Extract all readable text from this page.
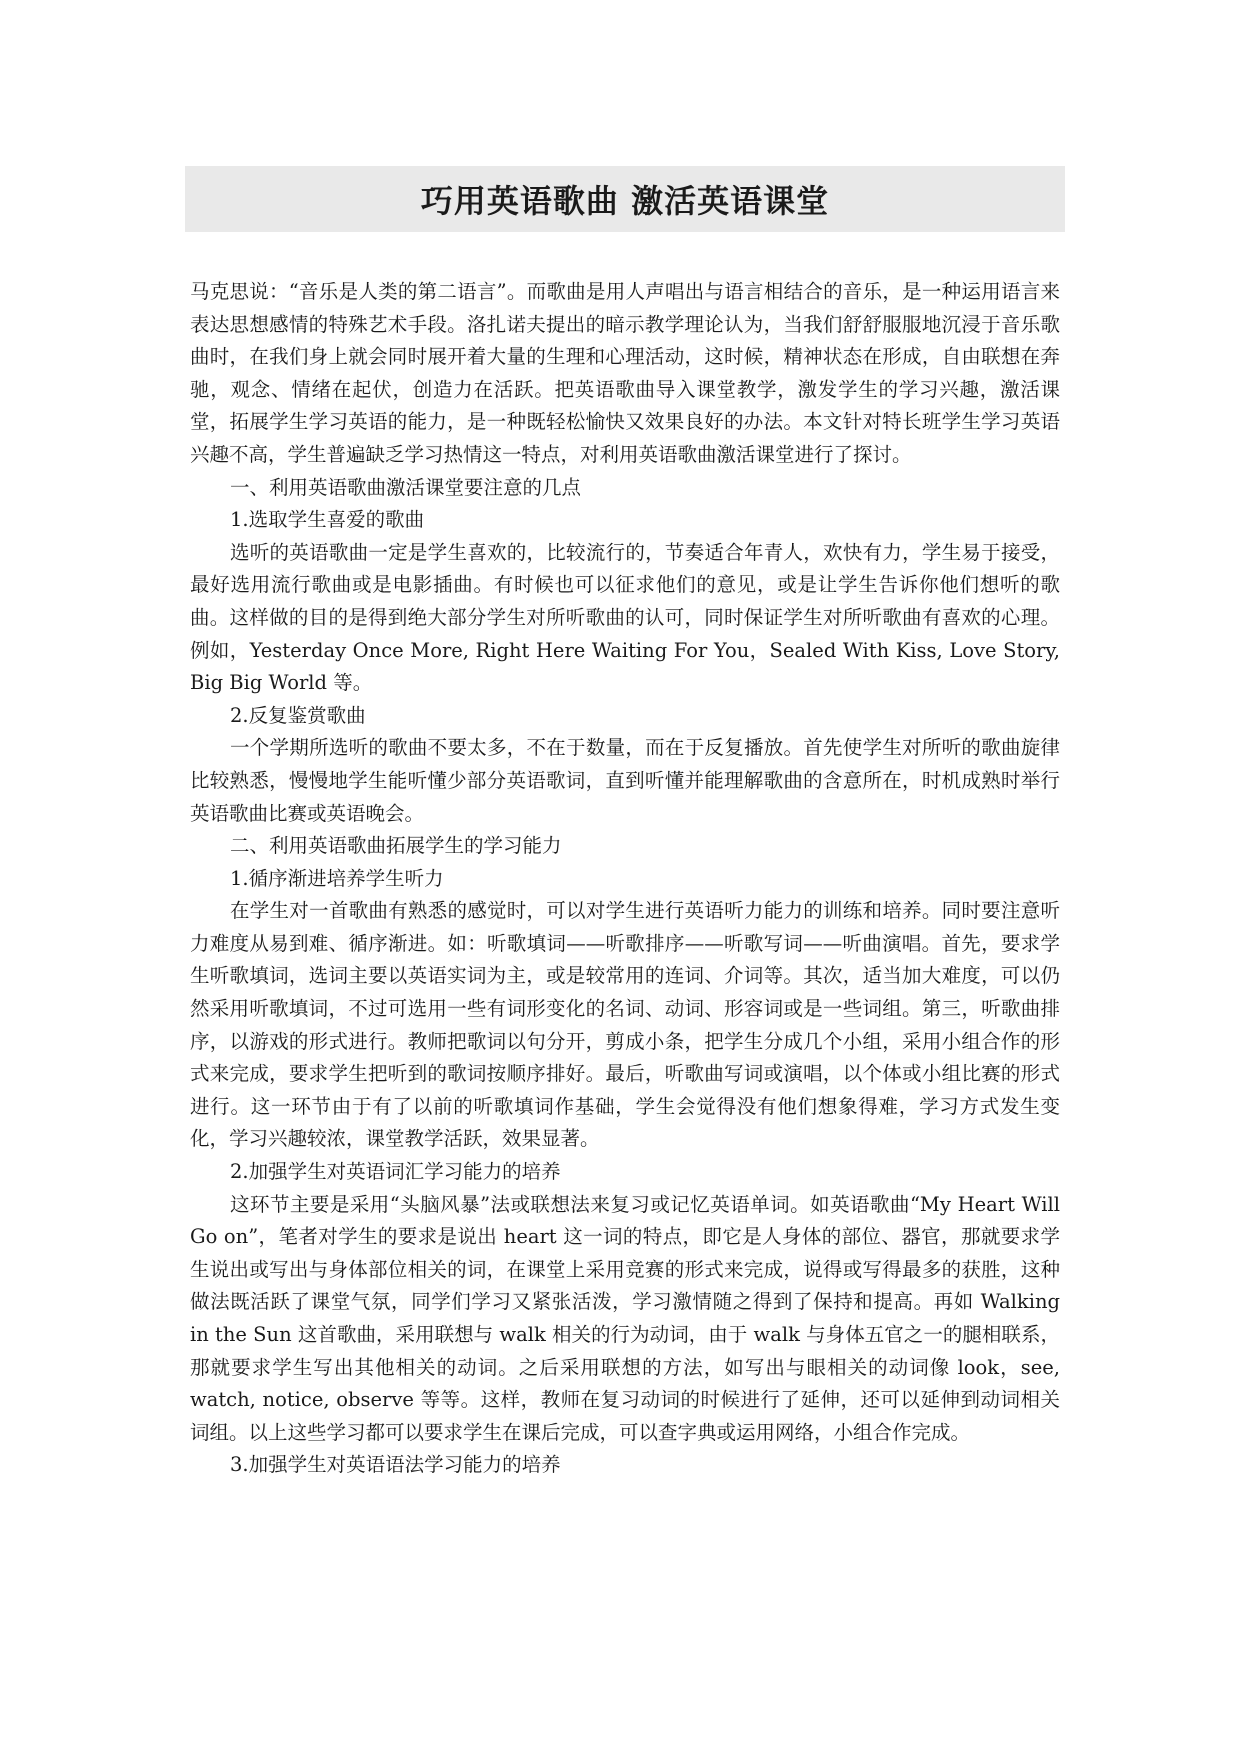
巧用英语歌曲 激活英语课堂

马克思说：“音乐是人类的第二语言”。而歌曲是用人声唱出与语言相结合的音乐，是一种运用语言来表达思想感情的特殊艺术手段。洛扎诺夫提出的暗示教学理论认为，当我们舒舒服服地沉浸于音乐歌曲时，在我们身上就会同时展开着大量的生理和心理活动，这时候，精神状态在形成，自由联想在奔驰，观念、情绪在起伏，创造力在活跃。把英语歌曲导入课堂教学，激发学生的学习兴趣，激活课堂，拓展学生学习英语的能力，是一种既轻松愉快又效果良好的办法。本文针对特长班学生学习英语兴趣不高，学生普遍缺乏学习热情这一特点，对利用英语歌曲激活课堂进行了探讨。

一、利用英语歌曲激活课堂要注意的几点

1.选取学生喜爱的歌曲

选听的英语歌曲一定是学生喜欢的，比较流行的，节奏适合年青人，欢快有力，学生易于接受，最好选用流行歌曲或是电影插曲。有时候也可以征求他们的意见，或是让学生告诉你他们想听的歌曲。这样做的目的是得到绝大部分学生对所听歌曲的认可，同时保证学生对所听歌曲有喜欢的心理。例如，Yesterday Once More, Right Here Waiting For You，Sealed With Kiss, Love Story, Big Big World 等。

2.反复鉴赏歌曲

一个学期所选听的歌曲不要太多，不在于数量，而在于反复播放。首先使学生对所听的歌曲旋律比较熟悉，慢慢地学生能听懂少部分英语歌词，直到听懂并能理解歌曲的含意所在，时机成熟时举行英语歌曲比赛或英语晚会。

二、利用英语歌曲拓展学生的学习能力

1.循序渐进培养学生听力

在学生对一首歌曲有熟悉的感觉时，可以对学生进行英语听力能力的训练和培养。同时要注意听力难度从易到难、循序渐进。如：听歌填词——听歌排序——听歌写词——听曲演唱。首先，要求学生听歌填词，选词主要以英语实词为主，或是较常用的连词、介词等。其次，适当加大难度，可以仍然采用听歌填词，不过可选用一些有词形变化的名词、动词、形容词或是一些词组。第三，听歌曲排序，以游戏的形式进行。教师把歌词以句分开，剪成小条，把学生分成几个小组，采用小组合作的形式来完成，要求学生把听到的歌词按顺序排好。最后，听歌曲写词或演唱，以个体或小组比赛的形式进行。这一环节由于有了以前的听歌填词作基础，学生会觉得没有他们想象得难，学习方式发生变化，学习兴趣较浓，课堂教学活跃，效果显著。

2.加强学生对英语词汇学习能力的培养

这环节主要是采用“头脑风暴”法或联想法来复习或记忆英语单词。如英语歌曲“My Heart Will Go on”，笔者对学生的要求是说出 heart 这一词的特点，即它是人身体的部位、器官，那就要求学生说出或写出与身体部位相关的词，在课堂上采用竞赛的形式来完成，说得或写得最多的获胜，这种做法既活跃了课堂气氛，同学们学习又紧张活泼，学习激情随之得到了保持和提高。再如 Walking in the Sun 这首歌曲，采用联想与 walk 相关的行为动词，由于 walk 与身体五官之一的腿相联系，那就要求学生写出其他相关的动词。之后采用联想的方法，如写出与眼相关的动词像 look，see, watch, notice, observe 等等。这样，教师在复习动词的时候进行了延伸，还可以延伸到动词相关词组。以上这些学习都可以要求学生在课后完成，可以查字典或运用网络，小组合作完成。

3.加强学生对英语语法学习能力的培养
